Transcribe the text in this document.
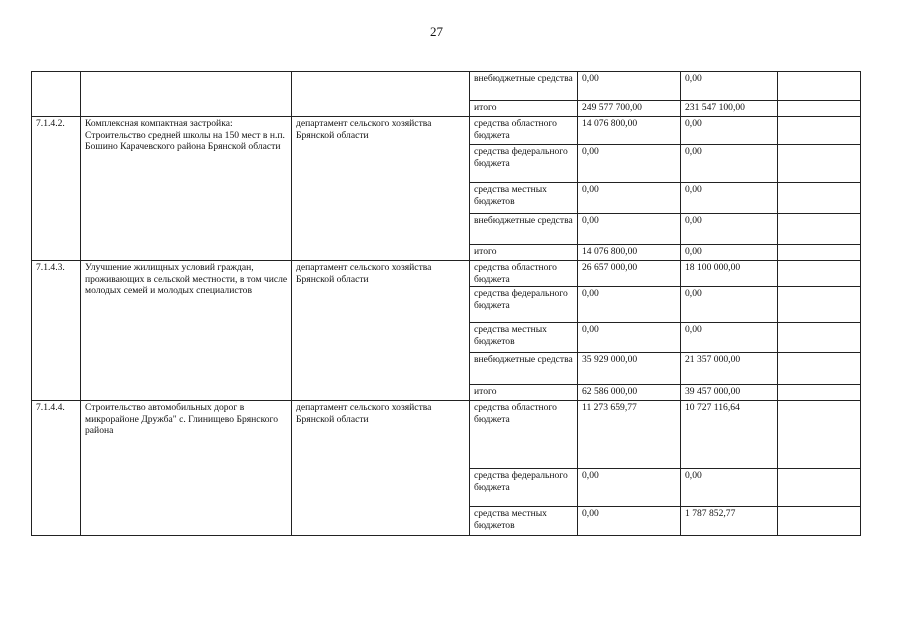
27
			внебюджетные средства	0,00	0,00	
			итого	249 577 700,00	231 547 100,00	
7.1.4.2.	Комплексная компактная застройка: Строительство средней школы на 150 мест в н.п. Бошино Карачевского района Брянской области	департамент сельского хозяйства Брянской области	средства областного бюджета	14 076 800,00	0,00	
			средства федерального бюджета	0,00	0,00	
			средства местных бюджетов	0,00	0,00	
			внебюджетные средства	0,00	0,00	
			итого	14 076 800,00	0,00	
7.1.4.3.	Улучшение жилищных условий граждан, проживающих в сельской местности, в том числе молодых семей и молодых специалистов	департамент сельского хозяйства Брянской области	средства областного бюджета	26 657 000,00	18 100 000,00	
			средства федерального бюджета	0,00	0,00	
			средства местных бюджетов	0,00	0,00	
			внебюджетные средства	35 929 000,00	21 357 000,00	
			итого	62 586 000,00	39 457 000,00	
7.1.4.4.	Строительство автомобильных дорог в микрорайоне Дружба" с. Глинищево Брянского района	департамент сельского хозяйства Брянской области	средства областного бюджета	11 273 659,77	10 727 116,64	
			средства федерального бюджета	0,00	0,00	
			средства местных бюджетов	0,00	1 787 852,77	
